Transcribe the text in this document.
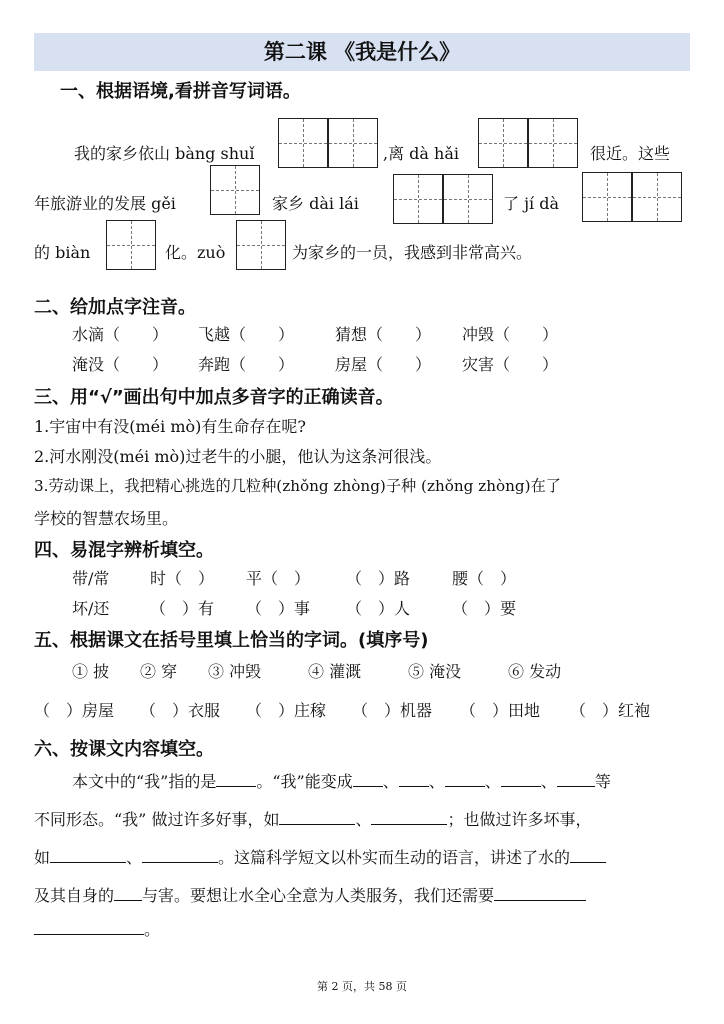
第二课 《我是什么》
一、根据语境,看拼音写词语。
我的家乡依山 bàng shuǐ	,离 dà hǎi	很近。这些
年旅游业的发展 gěi	家乡 dài lái	了 jí dà
的 biàn	化。zuò	为家乡的一员，我感到非常高兴。
二、给加点字注音。
水滴（　　） 飞越（　　）	猜想（　　） 冲毁（　　）
淹没（　　） 奔跑（　　）	房屋（　　） 灾害（　　）
三、用“√”画出句中加点多音字的正确读音。
1.宇宙中有没(méi mò)有生命存在呢?
2.河水刚没(méi mò)过老牛的小腿，他认为这条河很浅。
3.劳动课上，我把精心挑选的几粒种(zhǒng zhòng)子种 (zhǒng zhòng)在了
学校的智慧农场里。
四、易混字辨析填空。
带/常	时（　） 平（　） （　）路	腰（　）
坏/还	（　）有 （　）事 （　）人	（　）要
五、根据课文在括号里填上恰当的字词。(填序号)
① 披 ② 穿 ③ 冲毁	④ 灌溉	⑤ 淹没	⑥ 发动
（　）房屋 （　）衣服 （　）庄稼 （　）机器 （　）田地 （　）红袍
六、按课文内容填空。
本文中的“我”指的是	。“我”能变成 、 、	、	、 等
不同形态。“我” 做过许多好事，如	、	；也做过许多坏事，
如	、	。这篇科学短文以朴实而生动的语言，讲述了水的
及其自身的 与害。要想让水全心全意为人类服务，我们还需要
。
第 2 页，共 58 页
